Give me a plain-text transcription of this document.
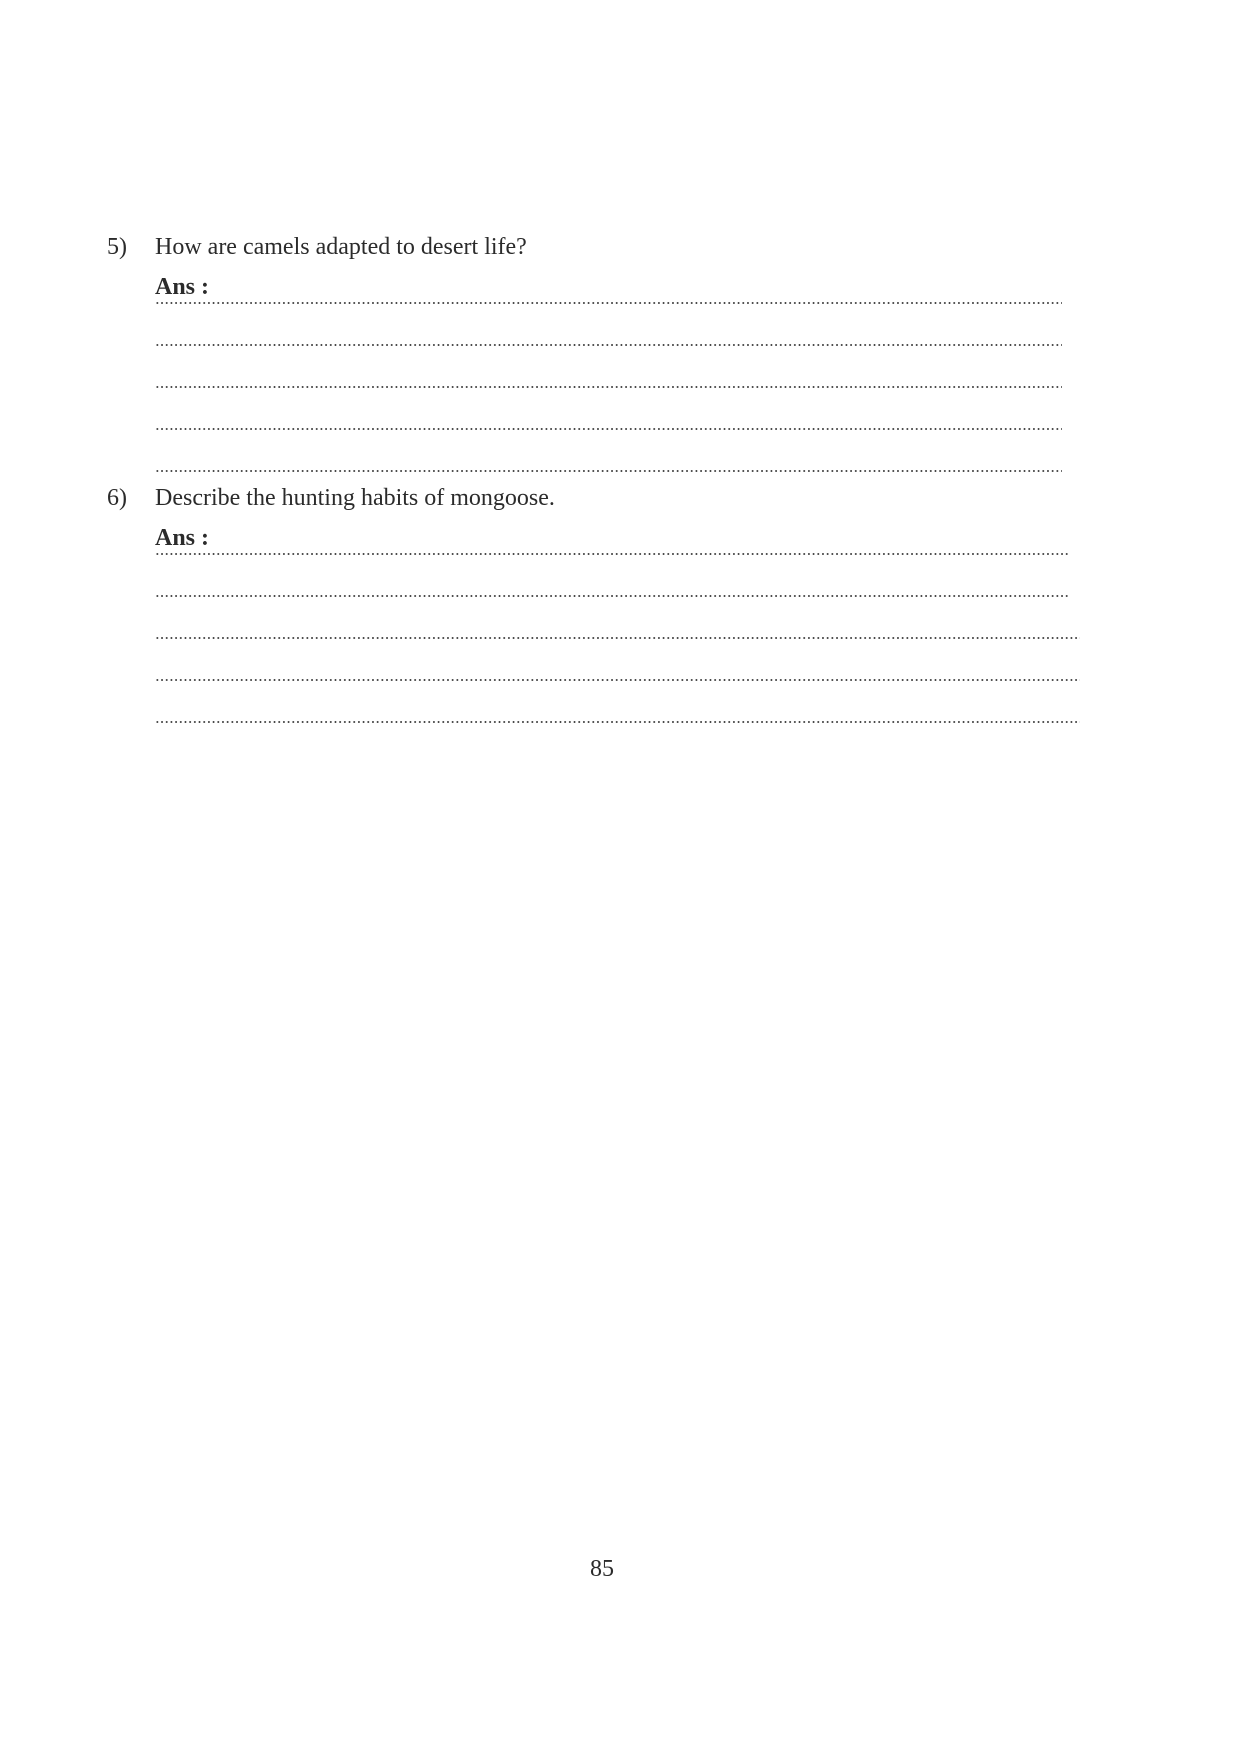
5)	How are camels adapted to desert life?
Ans :
6)	Describe the hunting habits of mongoose.
Ans :
85
